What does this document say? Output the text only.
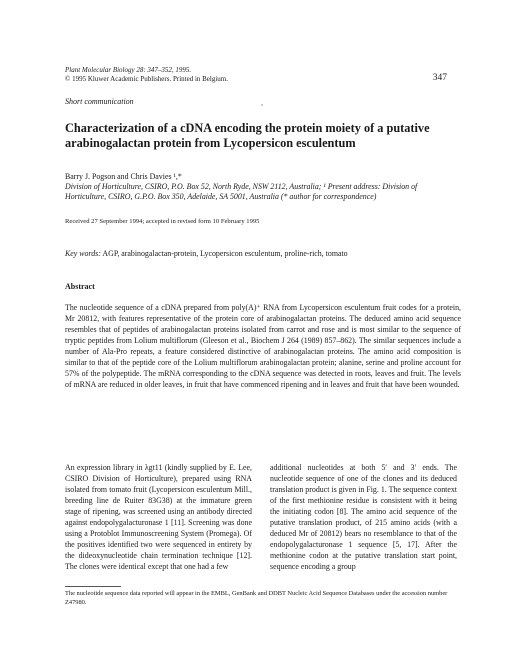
Plant Molecular Biology 28: 347–352, 1995.
© 1995 Kluwer Academic Publishers. Printed in Belgium.	347
Short communication
Characterization of a cDNA encoding the protein moiety of a putative arabinogalactan protein from Lycopersicon esculentum
Barry J. Pogson and Chris Davies ¹,*
Division of Horticulture, CSIRO, P.O. Box 52, North Ryde, NSW 2112, Australia; ¹ Present address: Division of Horticulture, CSIRO, G.P.O. Box 350, Adelaide, SA 5001, Australia (* author for correspondence)
Received 27 September 1994; accepted in revised form 10 February 1995
Key words: AGP, arabinogalactan-protein, Lycopersicon esculentum, proline-rich, tomato
Abstract
The nucleotide sequence of a cDNA prepared from poly(A)⁺ RNA from Lycopersicon esculentum fruit codes for a protein, Mr 20812, with features representative of the protein core of arabinogalactan proteins. The deduced amino acid sequence resembles that of peptides of arabinogalactan proteins isolated from carrot and rose and is most similar to the sequence of tryptic peptides from Lolium multiflorum (Gleeson et al., Biochem J 264 (1989) 857–862). The similar sequences include a number of Ala-Pro repeats, a feature considered distinctive of arabinogalactan proteins. The amino acid composition is similar to that of the peptide core of the Lolium multiflorum arabinogalactan protein; alanine, serine and proline account for 57% of the polypeptide. The mRNA corresponding to the cDNA sequence was detected in roots, leaves and fruit. The levels of mRNA are reduced in older leaves, in fruit that have commenced ripening and in leaves and fruit that have been wounded.
An expression library in λgt11 (kindly supplied by E. Lee, CSIRO Division of Horticulture), prepared using RNA isolated from tomato fruit (Lycopersicon esculentum Mill., breeding line de Ruiter 83G38) at the immature green stage of ripening, was screened using an antibody directed against endopolygalacturonase 1 [11]. Screening was done using a Protoblot Immunoscreening System (Promega). Of the positives identified two were sequenced in entirety by the dideoxynucleotide chain termination technique [12]. The clones were identical except that one had a few
additional nucleotides at both 5′ and 3′ ends. The nucleotide sequence of one of the clones and its deduced translation product is given in Fig. 1. The sequence context of the first methionine residue is consistent with it being the initiating codon [8]. The amino acid sequence of the putative translation product, of 215 amino acids (with a deduced Mr of 20812) bears no resemblance to that of the endopolygalacturonase 1 sequence [5, 17]. After the methionine codon at the putative translation start point, sequence encoding a group
The nucleotide sequence data reported will appear in the EMBL, GenBank and DDBT Nucleic Acid Sequence Databases under the accession number Z47980.
